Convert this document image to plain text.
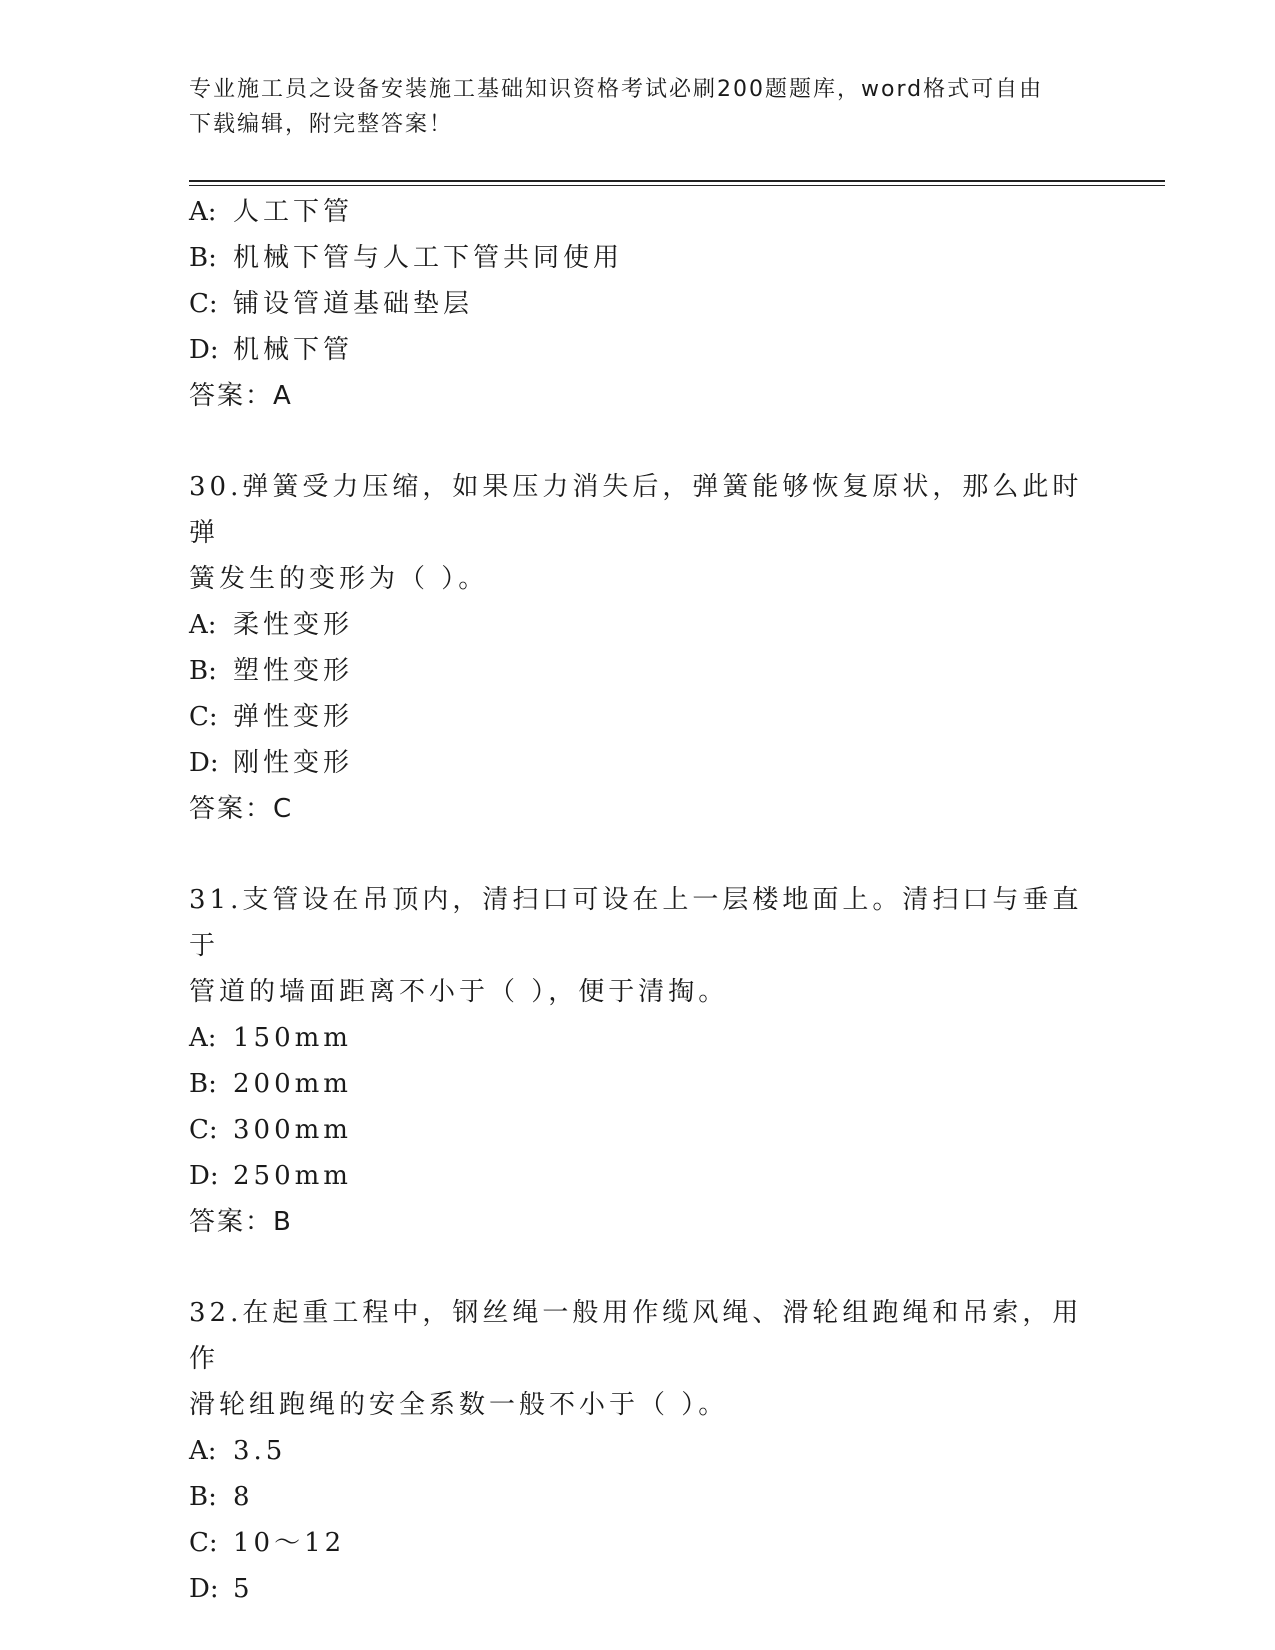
专业施工员之设备安装施工基础知识资格考试必刷200题题库，word格式可自由
下载编辑，附完整答案！
A: 人工下管
B: 机械下管与人工下管共同使用
C: 铺设管道基础垫层
D: 机械下管
答案：A
30.弹簧受力压缩，如果压力消失后，弹簧能够恢复原状，那么此时弹
簧发生的变形为（ ）。
A: 柔性变形
B: 塑性变形
C: 弹性变形
D: 刚性变形
答案：C
31.支管设在吊顶内，清扫口可设在上一层楼地面上。清扫口与垂直于
管道的墙面距离不小于（ ），便于清掏。
A: 150mm
B: 200mm
C: 300mm
D: 250mm
答案：B
32.在起重工程中，钢丝绳一般用作缆风绳、滑轮组跑绳和吊索，用作
滑轮组跑绳的安全系数一般不小于（ ）。
A: 3.5
B: 8
C: 10～12
D: 5
